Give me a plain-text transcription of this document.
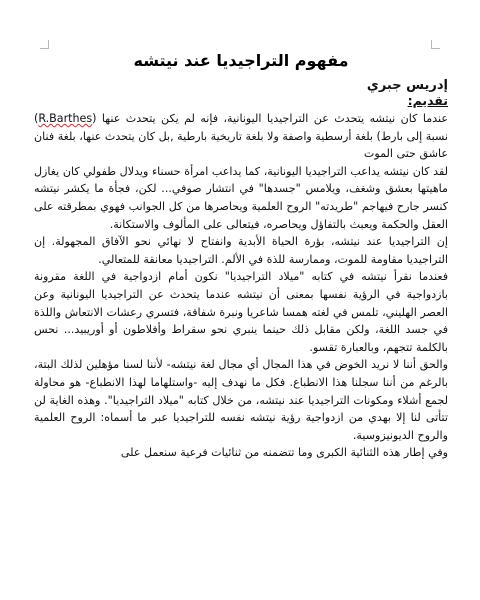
مفهوم التراجيديا عند نيتشه

إدريس جبري

تقديم:

عندما كان نيتشه يتحدث عن التراجيديا اليونانية، فإنه لم يكن يتحدث عنها (R.Barthes) نسبة إلى بارط) بلغة أرسطية واصفة ولا بلغة تاريخية بارطية ,بل كان يتحدث عنها، بلغة فنان عاشق حتى الموت

لقد كان نيتشه يداعب التراجيديا اليونانية، كما يداعب امرأة حسناء ويدلال طفولي كان يغازل ماهيتها بعشق وشغف، ويلامس "جسدها" في انتشار صوفي... لكن، فجأة ما يكشر نيتشه كنسر جارح فيهاجم "طريدته" الروح العلمية ويحاصرها من كل الجوانب فهوي بمطرقته على العقل والحكمة ويعبث بالتفاؤل ويحاصره، فيتعالى على المألوف والاستكانة.

إن التراجيديا عند نيتشه، بؤرة الحياة الأبدية وانفتاح لا نهائي نحو الآفاق المجهولة. إن التراجيديا مقاومة للموت، وممارسة للذة في الألم. التراجيديا معانقة للمتعالي.

فعندما نقرأ نيتشه في كتابه "ميلاد التراجيديا" نكون أمام ازدواجية في اللغة مقرونة بازدواجية في الرؤية نفسها بمعنى أن نيتشه عندما يتحدث عن التراجيديا اليونانية وعن العصر الهليني، تلمس في لغته همسا شاعريا ونبرة شفافة، فتسري رعشات الانتعاش واللذة في جسد اللغة، ولكن مقابل ذلك حينما ينبري نحو سقراط وأفلاطون أو أوريبيد... نحس بالكلمة تتجهم، وبالعبارة تقسو.

والحق أننا لا نريد الخوض في هذا المجال أي مجال لغة نيتشه- لأننا لسنا مؤهلين لذلك البتة، بالرغم من أننا سجلنا هذا الانطباع. فكل ما نهدف إليه -واستلهاما لهذا الانطباع- هو محاولة لجمع أشلاء ومكونات التراجيديا عند نيتشه، من خلال كتابه "ميلاد التراجيديا". وهذه الغاية لن تتأتى لنا إلا بهدي من ازدواجية رؤية نيتشه نفسه للتراجيديا عبر ما أسماه: الروح العلمية والروح الديونيزوسية.

وفي إطار هذه الثنائية الكبرى وما تتضمنه من ثنائيات فرعية سنعمل على
